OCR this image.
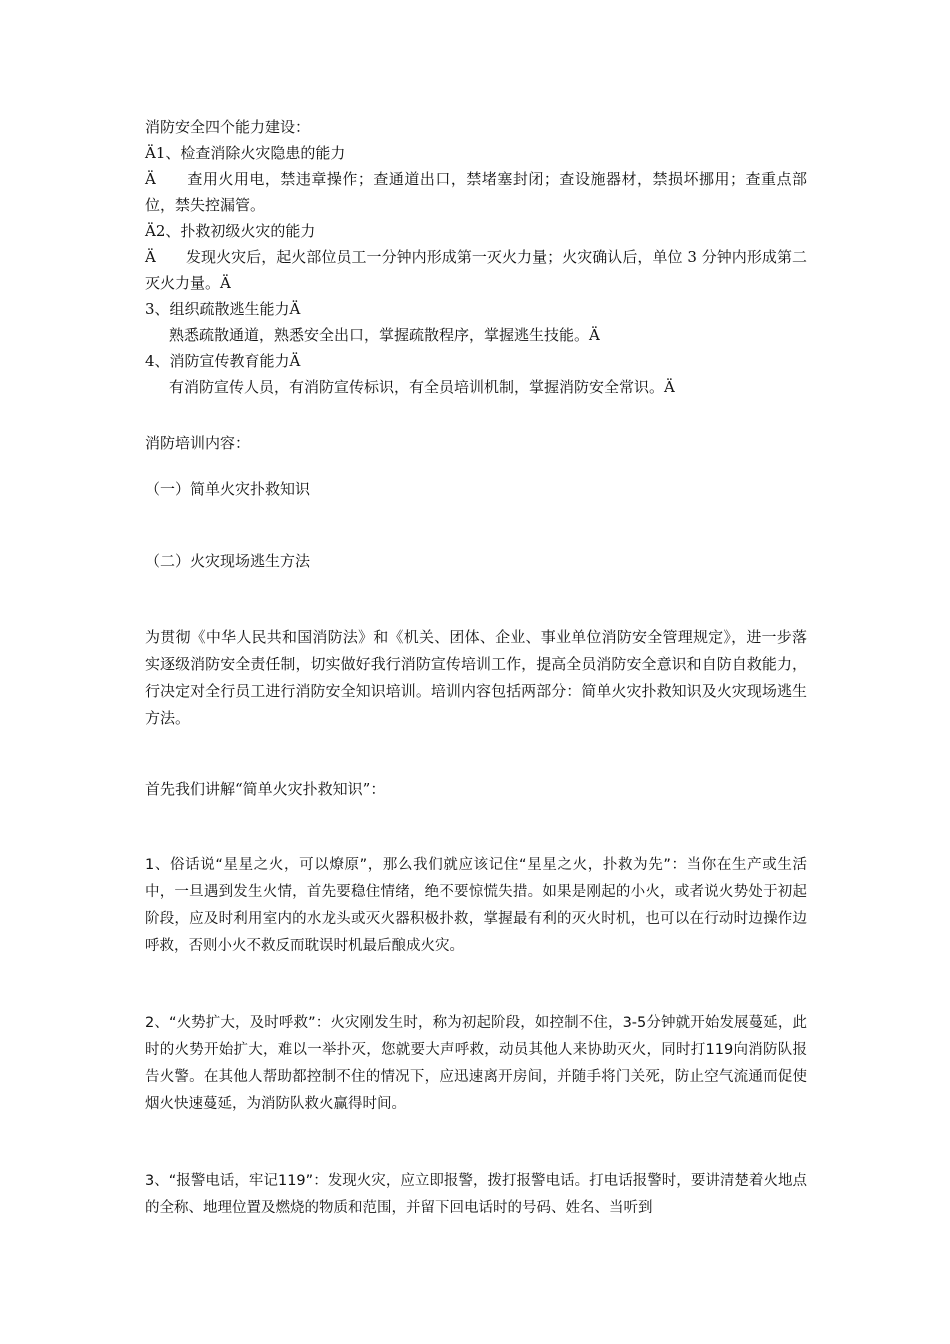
消防安全四个能力建设：

Ä1、检查消除火灾隐患的能力

Ä　　查用火用电，禁违章操作；查通道出口，禁堵塞封闭；查设施器材，禁损坏挪用；查重点部位，禁失控漏管。

Ä2、扑救初级火灾的能力

Ä　　发现火灾后，起火部位员工一分钟内形成第一灭火力量；火灾确认后，单位 3 分钟内形成第二灭火力量。Ä

3、组织疏散逃生能力Ä

熟悉疏散通道，熟悉安全出口，掌握疏散程序，掌握逃生技能。Ä

4、消防宣传教育能力Ä

有消防宣传人员，有消防宣传标识，有全员培训机制，掌握消防安全常识。Ä

消防培训内容：

（一）简单火灾扑救知识

（二）火灾现场逃生方法

为贯彻《中华人民共和国消防法》和《机关、团体、企业、事业单位消防安全管理规定》，进一步落实逐级消防安全责任制，切实做好我行消防宣传培训工作，提高全员消防安全意识和自防自救能力，行决定对全行员工进行消防安全知识培训。培训内容包括两部分：简单火灾扑救知识及火灾现场逃生方法。

首先我们讲解“简单火灾扑救知识”：

1、俗话说“星星之火，可以燎原”，那么我们就应该记住“星星之火，扑救为先”：当你在生产或生活中，一旦遇到发生火情，首先要稳住情绪，绝不要惊慌失措。如果是刚起的小火，或者说火势处于初起阶段，应及时利用室内的水龙头或灭火器积极扑救，掌握最有利的灭火时机，也可以在行动时边操作边呼救，否则小火不救反而耽误时机最后酿成火灾。

2、“火势扩大，及时呼救”：火灾刚发生时，称为初起阶段，如控制不住，3-5分钟就开始发展蔓延，此时的火势开始扩大，难以一举扑灭，您就要大声呼救，动员其他人来协助灭火，同时打119向消防队报告火警。在其他人帮助都控制不住的情况下，应迅速离开房间，并随手将门关死，防止空气流通而促使烟火快速蔓延，为消防队救火赢得时间。

3、“报警电话，牢记119”：发现火灾，应立即报警，拨打报警电话。打电话报警时，要讲清楚着火地点的全称、地理位置及燃烧的物质和范围，并留下回电话时的号码、姓名、当听到
